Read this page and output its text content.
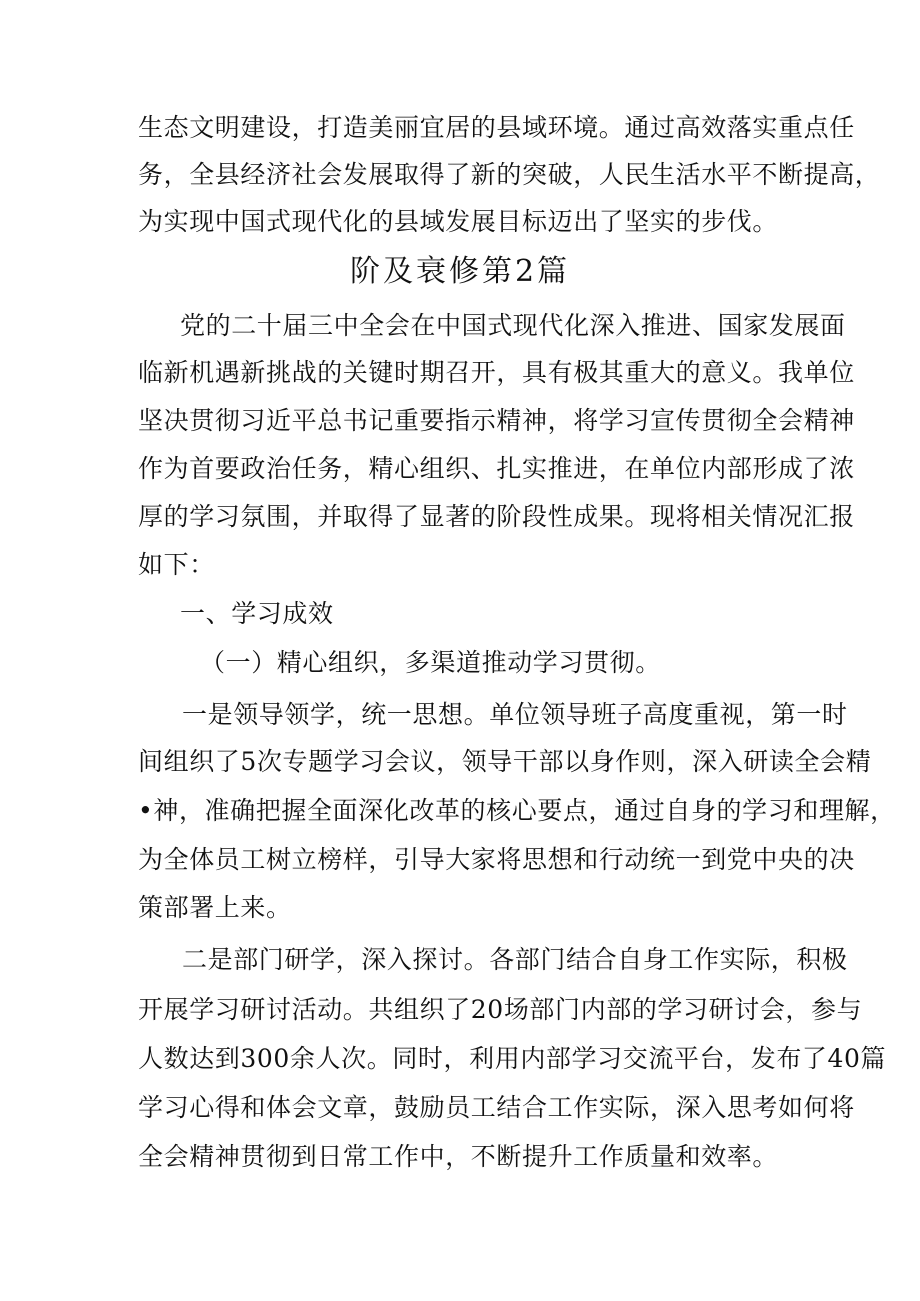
生态文明建设，打造美丽宜居的县域环境。通过高效落实重点任
务，全县经济社会发展取得了新的突破，人民生活水平不断提高，
为实现中国式现代化的县域发展目标迈出了坚实的步伐。
阶及衰修第2篇
党的二十届三中全会在中国式现代化深入推进、国家发展面
临新机遇新挑战的关键时期召开，具有极其重大的意义。我单位
坚决贯彻习近平总书记重要指示精神，将学习宣传贯彻全会精神
作为首要政治任务，精心组织、扎实推进，在单位内部形成了浓
厚的学习氛围，并取得了显著的阶段性成果。现将相关情况汇报
如下：
一、学习成效
（一）精心组织，多渠道推动学习贯彻。
一是领导领学，统一思想。单位领导班子高度重视，第一时
间组织了5次专题学习会议，领导干部以身作则，深入研读全会精
•神，准确把握全面深化改革的核心要点，通过自身的学习和理解，
为全体员工树立榜样，引导大家将思想和行动统一到党中央的决
策部署上来。
二是部门研学，深入探讨。各部门结合自身工作实际，积极
开展学习研讨活动。共组织了20场部门内部的学习研讨会，参与
人数达到300余人次。同时，利用内部学习交流平台，发布了40篇
学习心得和体会文章，鼓励员工结合工作实际，深入思考如何将
全会精神贯彻到日常工作中，不断提升工作质量和效率。
